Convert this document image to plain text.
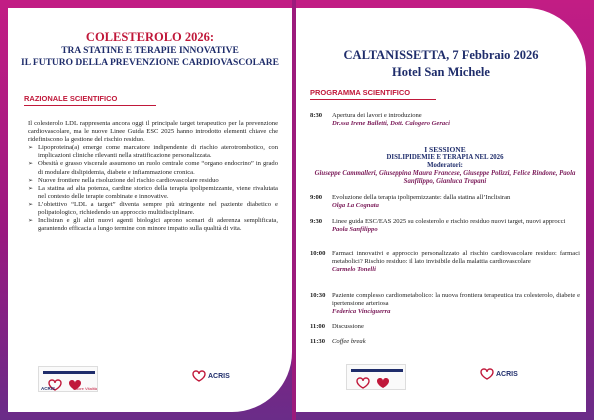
COLESTEROLO 2026:
TRA STATINE E TERAPIE INNOVATIVE
IL FUTURO DELLA PREVENZIONE CARDIOVASCOLARE
RAZIONALE SCIENTIFICO

Il colesterolo LDL rappresenta ancora oggi il principale target terapeutico per la prevenzione cardiovascolare, ma le nuove Linee Guida ESC 2025 hanno introdotto elementi chiave che ridefiniscono la gestione del rischio residuo.

➢ Lipoproteina(a) emerge come marcatore indipendente di rischio aterotrombotico, con implicazioni cliniche rilevanti nella stratificazione personalizzata.
➢ Obesità e grasso viscerale assumono un ruolo centrale come “organo endocrino” in grado di modulare dislipidemia, diabete e infiammazione cronica.
➢ Nuove frontiere nella risoluzione del rischio cardiovascolare residuo
➢ La statina ad alta potenza, cardine storico della terapia ipolipemizzante, viene rivalutata nel contesto delle terapie combinate e innovative.
➢ L’obiettivo “LDL a target” diventa sempre più stringente nel paziente diabetico e polipatologico, richiedendo un approccio multidisciplinare.
➢ Inclisiran e gli altri nuovi agenti biologici aprono scenari di aderenza semplificata, garantendo efficacia a lungo termine con minore impatto sulla qualità di vita.
ACRIS	Cuore Vitalità
ACRIS
CALTANISSETTA, 7 Febbraio 2026
Hotel San Michele
PROGRAMMA SCIENTIFICO
8:30	Apertura dei lavori e introduzione
Dr.ssa Irene Balletti, Dott. Calogero Geraci
I SESSIONE
DISLIPIDEMIE E TERAPIA NEL 2026
Moderatori:
Giuseppe Cammalleri, Giuseppina Maura Francese, Giuseppe Polizzi, Felice Rindone, Paola Sanfilippo, Gianluca Trapani
9:00	Evoluzione della terapia ipolipemizzante: dalla statina all’Inclisiran
Olga La Cognata
9:30	Linee guida ESC/EAS 2025 su colesterolo e rischio residuo nuovi target, nuovi approcci
Paola Sanfilippo
10:00	Farmaci innovativi e approccio personalizzato al rischio cardiovascolare residuo: farmaci metabolici? Rischio residuo: il lato invisibile della malattia cardiovascolare
Carmelo Tonelli
10:30	Paziente complesso cardiometabolico: la nuova frontiera terapeutica tra colesterolo, diabete e ipertensione arteriosa
Federica Vinciguerra
11:00	Discussione
11:30	Coffee break
ACRIS
